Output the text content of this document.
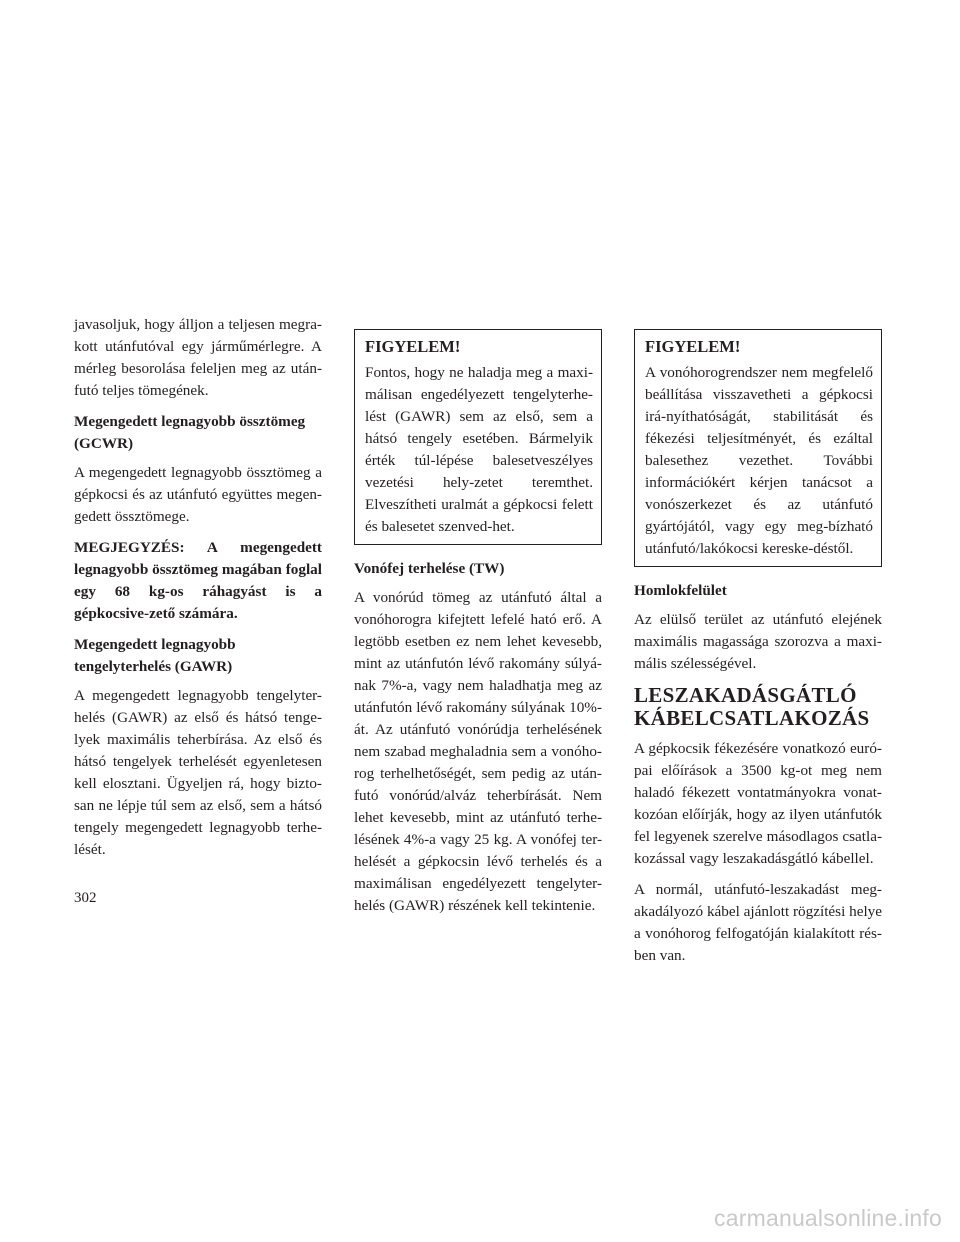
javasoljuk, hogy álljon a teljesen megra-kott utánfutóval egy járműmérlegre. A mérleg besorolása feleljen meg az után-futó teljes tömegének.

Megengedett legnagyobb össztömeg (GCWR)

A megengedett legnagyobb össztömeg a gépkocsi és az utánfutó együttes megen-gedett össztömege.

MEGJEGYZÉS: A megengedett legnagyobb össztömeg magában foglal egy 68 kg-os ráhagyást is a gépkocsive-zető számára.

Megengedett legnagyobb tengelyterhelés (GAWR)

A megengedett legnagyobb tengelyter-helés (GAWR) az első és hátsó tenge-lyek maximális teherbírása. Az első és hátsó tengelyek terhelését egyenletesen kell elosztani. Ügyeljen rá, hogy bizto-san ne lépje túl sem az első, sem a hátsó tengely megengedett legnagyobb terhe-lését.

FIGYELEM!

Fontos, hogy ne haladja meg a maxi-málisan engedélyezett tengelyterhe-lést (GAWR) sem az első, sem a hátsó tengely esetében. Bármelyik érték túl-lépése balesetveszélyes vezetési hely-zetet teremthet. Elveszítheti uralmát a gépkocsi felett és balesetet szenved-het.

Vonófej terhelése (TW)

A vonórúd tömeg az utánfutó által a vonóhorogra kifejtett lefelé ható erő. A legtöbb esetben ez nem lehet kevesebb, mint az utánfutón lévő rakomány súlyá-nak 7%-a, vagy nem haladhatja meg az utánfutón lévő rakomány súlyának 10%-át. Az utánfutó vonórúdja terhelésének nem szabad meghaladnia sem a vonóho-rog terhelhetőségét, sem pedig az után-futó vonórúd/alváz teherbírását. Nem lehet kevesebb, mint az utánfutó terhe-lésének 4%-a vagy 25 kg. A vonófej ter-helését a gépkocsin lévő terhelés és a maximálisan engedélyezett tengelyter-helés (GAWR) részének kell tekintenie.

FIGYELEM!

A vonóhorogrendszer nem megfelelő beállítása visszavetheti a gépkocsi irá-nyíthatóságát, stabilitását és fékezési teljesítményét, és ezáltal balesethez vezethet. További információkért kérjen tanácsot a vonószerkezet és az utánfutó gyártójától, vagy egy meg-bízható utánfutó/lakókocsi kereske-déstől.

Homlokfelület

Az elülső terület az utánfutó elejének maximális magassága szorozva a maxi-mális szélességével.

LESZAKADÁSGÁTLÓ KÁBELCSATLAKOZÁS

A gépkocsik fékezésére vonatkozó euró-pai előírások a 3500 kg-ot meg nem haladó fékezett vontatmányokra vonat-kozóan előírják, hogy az ilyen utánfutók fel legyenek szerelve másodlagos csatla-kozással vagy leszakadásgátló kábellel.

A normál, utánfutó-leszakadást meg-akadályozó kábel ajánlott rögzítési helye a vonóhorog felfogatóján kialakított rés-ben van.

302
carmanualsonline.info
